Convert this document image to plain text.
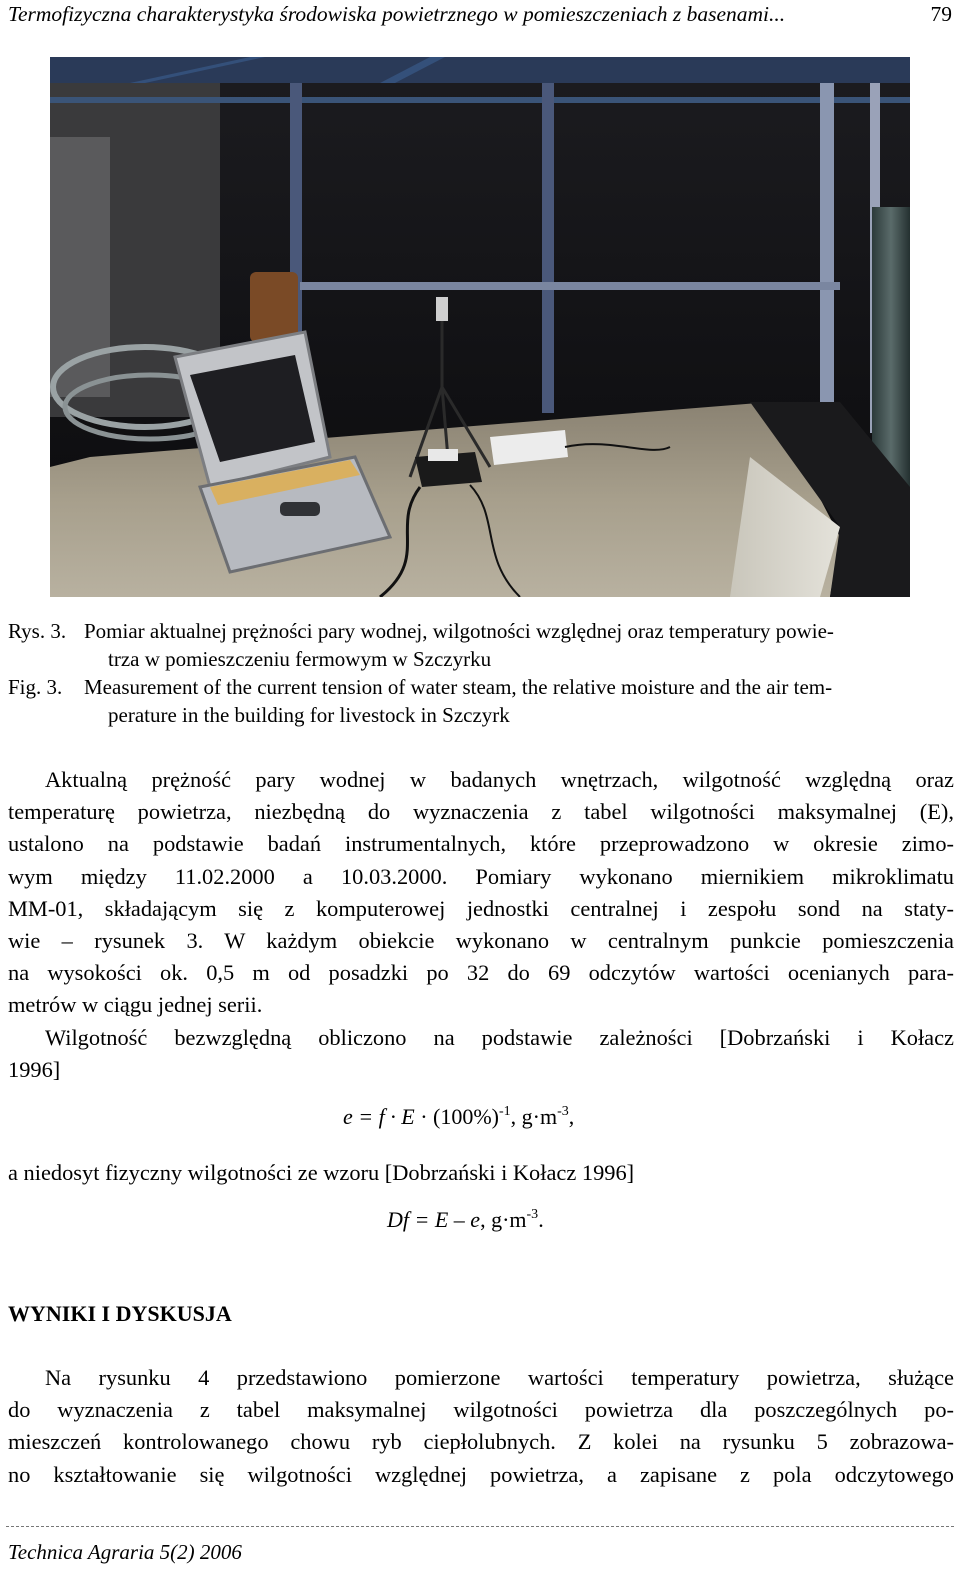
Termofizyczna charakterystyka środowiska powietrznego w pomieszczeniach z basenami...	79
Rys. 3. Pomiar aktualnej prężności pary wodnej, wilgotności względnej oraz temperatury powie-
trza w pomieszczeniu fermowym w Szczyrku
Fig. 3. Measurement of the current tension of water steam, the relative moisture and the air tem-
perature in the building for livestock in Szczyrk
Aktualną prężność pary wodnej w badanych wnętrzach, wilgotność względną oraz
temperaturę powietrza, niezbędną do wyznaczenia z tabel wilgotności maksymalnej (E),
ustalono na podstawie badań instrumentalnych, które przeprowadzono w okresie zimo-
wym między 11.02.2000 a 10.03.2000. Pomiary wykonano miernikiem mikroklimatu
MM-01, składającym się z komputerowej jednostki centralnej i zespołu sond na staty-
wie – rysunek 3. W każdym obiekcie wykonano w centralnym punkcie pomieszczenia
na wysokości ok. 0,5 m od posadzki po 32 do 69 odczytów wartości ocenianych para-
metrów w ciągu jednej serii.
Wilgotność bezwzględną obliczono na podstawie zależności [Dobrzański i Kołacz
1996]
$e = f \cdot E \cdot (100\%)^{-1}$, $g\cdot m^{-3}$,
a niedosyt fizyczny wilgotności ze wzoru [Dobrzański i Kołacz 1996]
Df = E – e, $g\cdot m^{-3}$.
WYNIKI I DYSKUSJA
Na rysunku 4 przedstawiono pomierzone wartości temperatury powietrza, służące
do wyznaczenia z tabel maksymalnej wilgotności powietrza dla poszczególnych po-
mieszczeń kontrolowanego chowu ryb ciepłolubnych. Z kolei na rysunku 5 zobrazowa-
no kształtowanie się wilgotności względnej powietrza, a zapisane z pola odczytowego
Technica Agraria 5(2) 2006
